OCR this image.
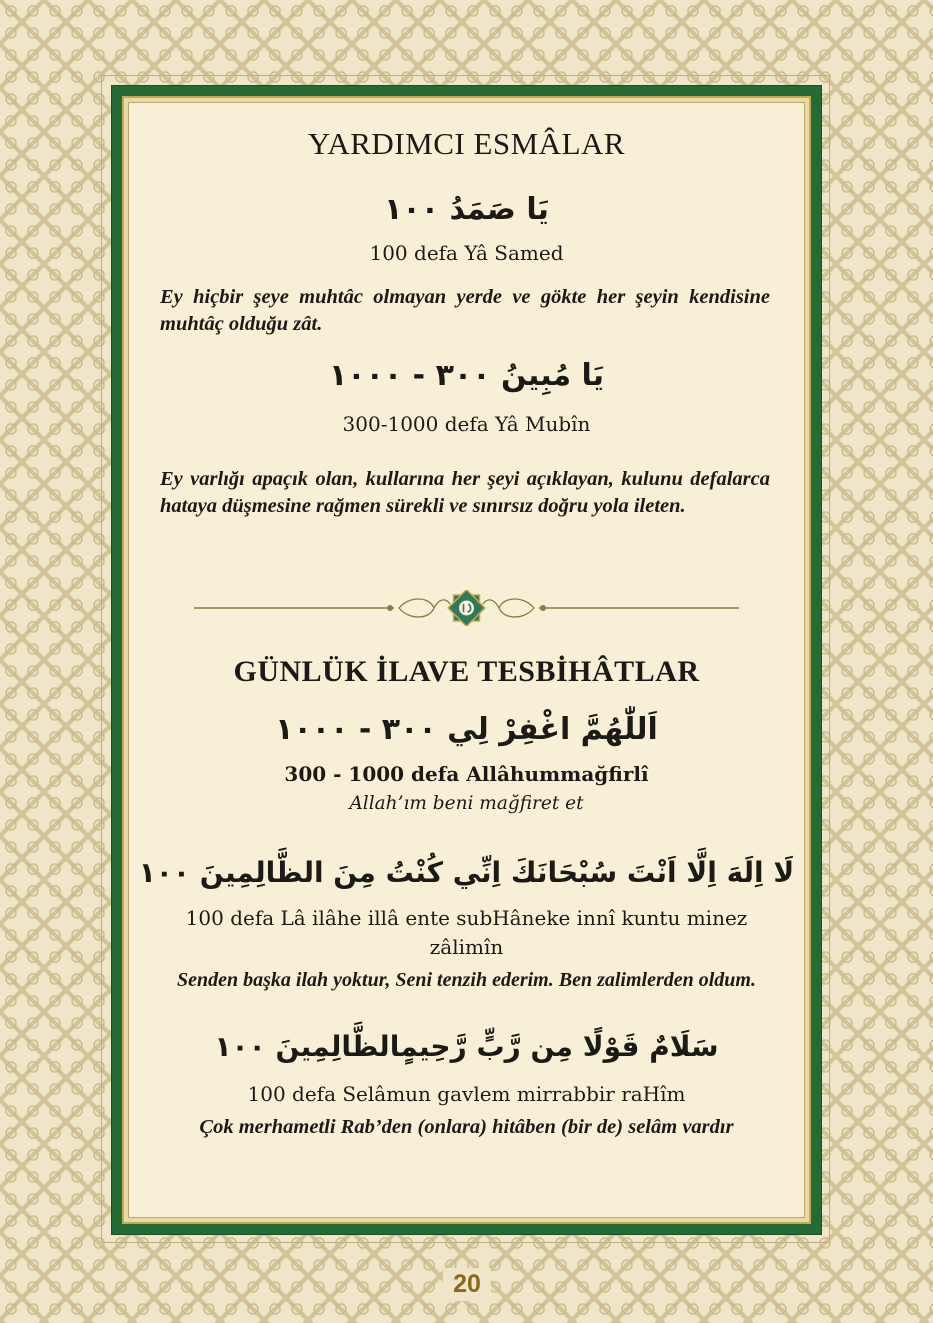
YARDIMCI ESMÂLAR
يَا صَمَدُ ١٠٠
100 defa Yâ Samed
Ey hiçbir şeye muhtâc olmayan yerde ve gökte her şeyin kendisine muhtâç olduğu zât.
يَا مُبِينُ ٣٠٠ - ١٠٠٠
300-1000 defa Yâ Mubîn
Ey varlığı apaçık olan, kullarına her şeyi açıklayan, kulunu defalarca hataya düşmesine rağmen sürekli ve sınırsız doğru yola ileten.
GÜNLÜK İLAVE TESBİHÂTLAR
اَللّٰهُمَّ اغْفِرْ لِي ٣٠٠ - ١٠٠٠
300 - 1000 defa Allâhummağfirlî
Allah’ım beni mağfiret et
لَا اِلَهَ اِلَّا اَنْتَ سُبْحَانَكَ اِنِّي كُنْتُ مِنَ الظَّالِمِينَ ١٠٠
100 defa Lâ ilâhe illâ ente subHâneke innî kuntu minez
zâlimîn
Senden başka ilah yoktur, Seni tenzih ederim. Ben zalimlerden oldum.
سَلَامٌ قَوْلًا مِن رَّبٍّ رَّحِيمٍالظَّالِمِينَ ١٠٠
100 defa Selâmun gavlem mirrabbir raHîm
Çok merhametli Rab’den (onlara) hitâben (bir de) selâm vardır
20
